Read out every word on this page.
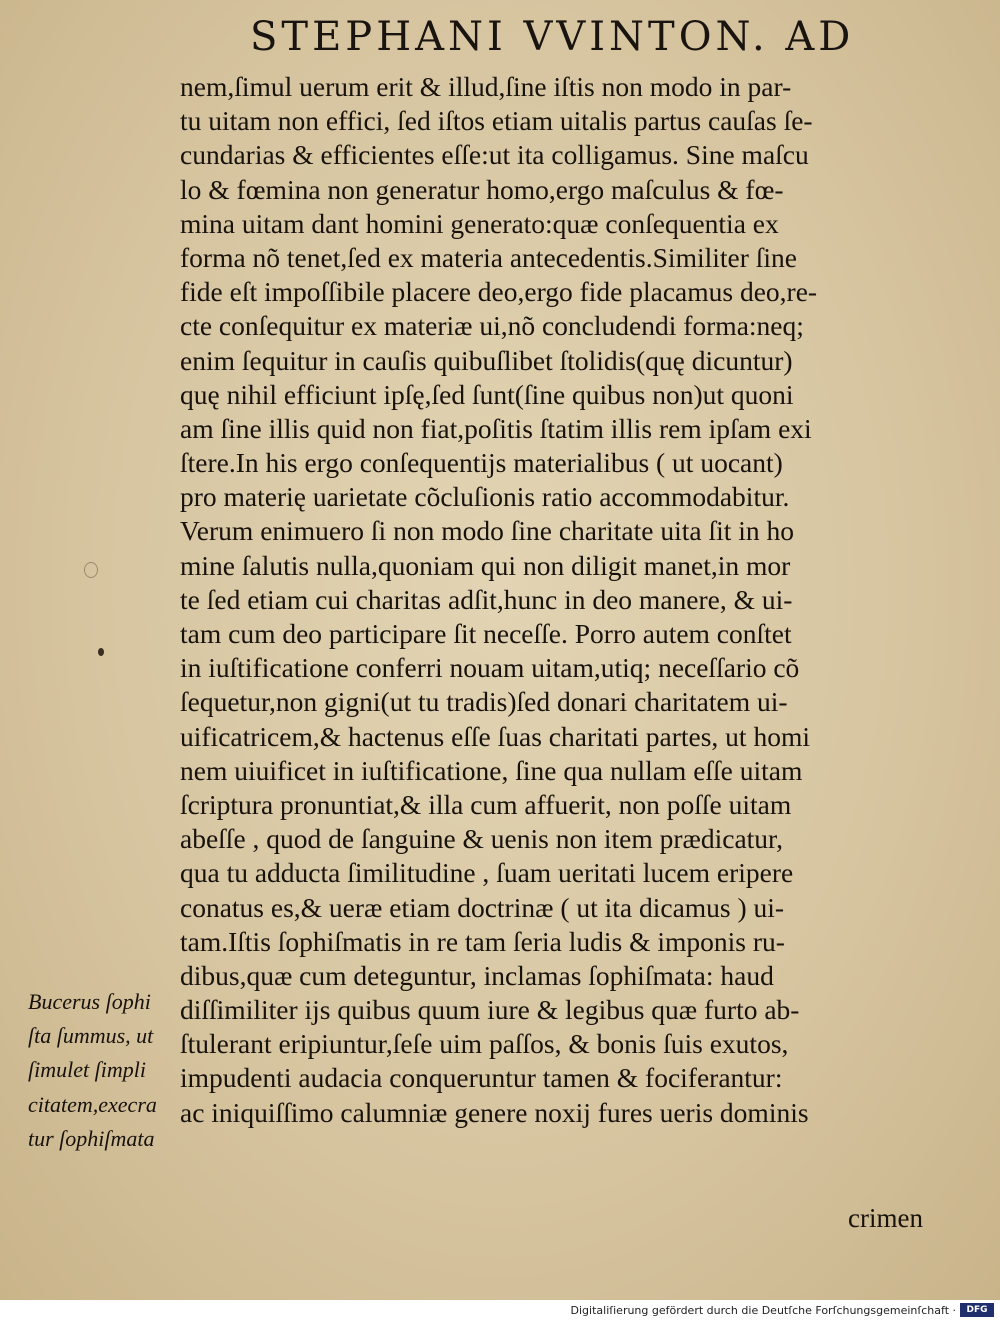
STEPHANI VVINTON. AD
nem,ſimul uerum erit & illud,ſine iſtis non modo in par-
tu uitam non effici, ſed iſtos etiam uitalis partus cauſas ſe-
cundarias & efficientes eſſe:ut ita colligamus. Sine maſcu
lo & fœmina non generatur homo,ergo maſculus & fœ-
mina uitam dant homini generato:quæ conſequentia ex
forma nõ tenet,ſed ex materia antecedentis.Similiter ſine
fide eſt impoſſibile placere deo,ergo fide placamus deo,re-
cte conſequitur ex materiæ ui,nõ concludendi forma:neq;
enim ſequitur in cauſis quibuſlibet ſtolidis(quę dicuntur)
quę nihil efficiunt ipſę,ſed ſunt(ſine quibus non)ut quoni
am ſine illis quid non fiat,poſitis ſtatim illis rem ipſam exi
ſtere.In his ergo conſequentijs materialibus ( ut uocant)
pro materię uarietate cõcluſionis ratio accommodabitur.
Verum enimuero ſi non modo ſine charitate uita ſit in ho
mine ſalutis nulla,quoniam qui non diligit manet,in mor
te ſed etiam cui charitas adſit,hunc in deo manere, & ui-
tam cum deo participare ſit neceſſe. Porro autem conſtet
in iuſtificatione conferri nouam uitam,utiq; neceſſario cõ
ſequetur,non gigni(ut tu tradis)ſed donari charitatem ui-
uificatricem,& hactenus eſſe ſuas charitati partes, ut homi
nem uiuificet in iuſtificatione, ſine qua nullam eſſe uitam
ſcriptura pronuntiat,& illa cum affuerit, non poſſe uitam
abeſſe , quod de ſanguine & uenis non item prædicatur,
qua tu adducta ſimilitudine , ſuam ueritati lucem eripere
conatus es,& ueræ etiam doctrinæ ( ut ita dicamus ) ui-
tam.Iſtis ſophiſmatis in re tam ſeria ludis & imponis ru-
dibus,quæ cum deteguntur, inclamas ſophiſmata: haud
diſſimiliter ijs quibus quum iure & legibus quæ furto ab-
ſtulerant eripiuntur,ſeſe uim paſſos, & bonis ſuis exutos,
impudenti audacia conqueruntur tamen & fociferantur:
ac iniquiſſimo calumniæ genere noxij fures ueris dominis
Bucerus ſophi
ſta ſummus, ut
ſimulet ſimpli
citatem,execra
tur ſophiſmata
crimen
Digitaliſierung gefördert durch die Deutſche Forſchungsgemeinſchaft ·	DFG
